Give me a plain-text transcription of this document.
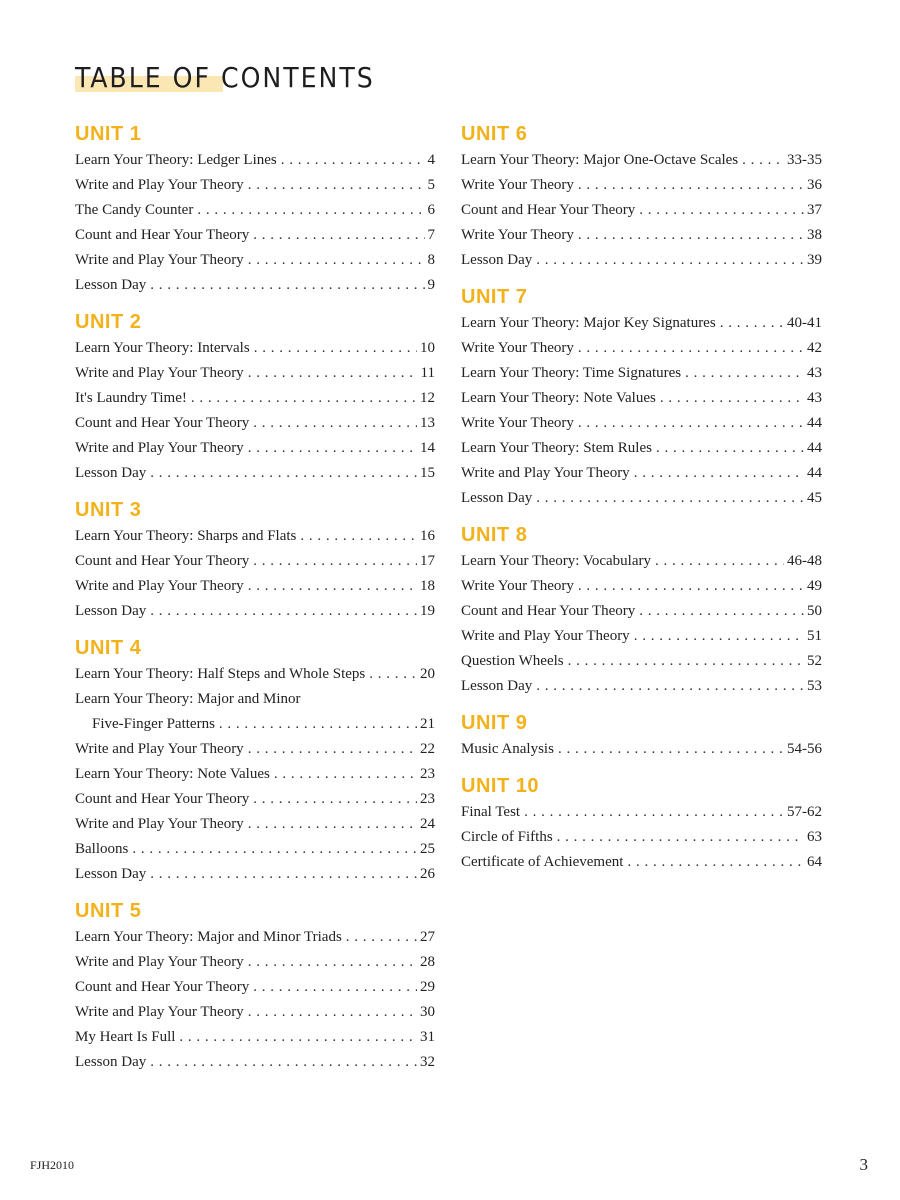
TABLE OF CONTENTS
UNIT 1
Learn Your Theory: Ledger Lines . . .	4
Write and Play Your Theory . . .	5
The Candy Counter . . .	6
Count and Hear Your Theory . . .	7
Write and Play Your Theory . . .	8
Lesson Day . . .	9
UNIT 2
Learn Your Theory: Intervals . . .	10
Write and Play Your Theory . . .	11
It's Laundry Time! . . .	12
Count and Hear Your Theory . . .	13
Write and Play Your Theory . . .	14
Lesson Day . . .	15
UNIT 3
Learn Your Theory: Sharps and Flats . . .	16
Count and Hear Your Theory . . .	17
Write and Play Your Theory . . .	18
Lesson Day . . .	19
UNIT 4
Learn Your Theory: Half Steps and Whole Steps . . .	20
Learn Your Theory: Major and Minor
Five-Finger Patterns . . .	21
Write and Play Your Theory . . .	22
Learn Your Theory: Note Values . . .	23
Count and Hear Your Theory . . .	23
Write and Play Your Theory . . .	24
Balloons . . .	25
Lesson Day . . .	26
UNIT 5
Learn Your Theory: Major and Minor Triads . . .	27
Write and Play Your Theory . . .	28
Count and Hear Your Theory . . .	29
Write and Play Your Theory . . .	30
My Heart Is Full . . .	31
Lesson Day . . .	32
UNIT 6
Learn Your Theory: Major One-Octave Scales . . .	33-35
Write Your Theory . . .	36
Count and Hear Your Theory . . .	37
Write Your Theory . . .	38
Lesson Day . . .	39
UNIT 7
Learn Your Theory: Major Key Signatures . . .	40-41
Write Your Theory . . .	42
Learn Your Theory: Time Signatures . . .	43
Learn Your Theory: Note Values . . .	43
Write Your Theory . . .	44
Learn Your Theory: Stem Rules . . .	44
Write and Play Your Theory . . .	44
Lesson Day . . .	45
UNIT 8
Learn Your Theory: Vocabulary . . .	46-48
Write Your Theory . . .	49
Count and Hear Your Theory . . .	50
Write and Play Your Theory . . .	51
Question Wheels . . .	52
Lesson Day . . .	53
UNIT 9
Music Analysis . . .	54-56
UNIT 10
Final Test . . .	57-62
Circle of Fifths . . .	63
Certificate of Achievement . . .	64
FJH2010	3
